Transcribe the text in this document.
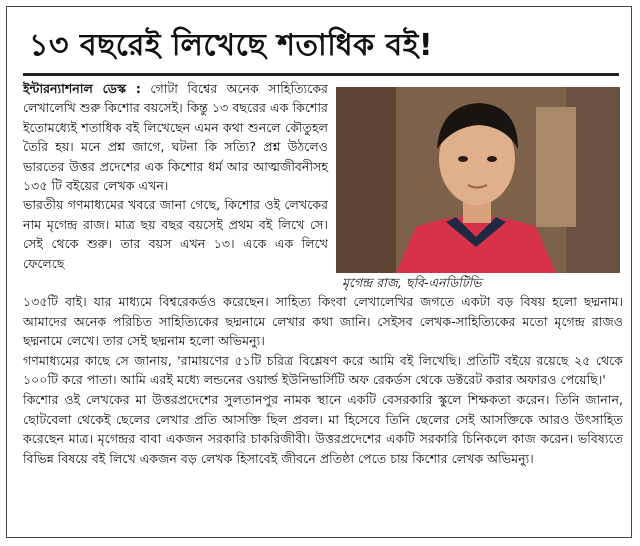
১৩ বছরেই লিখেছে শতাধিক বই!

ইন্টারন্যাশনাল ডেস্ক : গোটা বিশ্বের অনেক সাহিত্যিকের লেখালেখি শুরু কিশোর বয়সেই। কিন্তু ১৩ বছরের এক কিশোর ইতোমধ্যেই শতাধিক বই লিখেছেন এমন কথা শুনলে কৌতুহল তৈরি হয়। মনে প্রশ্ন জাগে, ঘটনা কি সত্যি? প্রশ্ন উঠলেও ভারতের উত্তর প্রদেশের এক কিশোর ধর্ম আর আত্মজীবনীসহ ১৩৫ টি বইয়ের লেখক এখন।

ভারতীয় গণমাধ্যমের খবরে জানা গেছে, কিশোর ওই লেখকের নাম মৃগেন্দ্র রাজ। মাত্র ছয় বছর বয়সেই প্রথম বই লিখে সে। সেই থেকে শুরু। তার বয়স এখন ১৩। একে এক লিখে ফেলেছে

মৃগেন্দ্র রাজ, ছবি-এনডিটিভি

১৩৫টি বাই। যার মাধ্যমে বিশ্বরেকর্ডও করেছেন। সাহিত্য কিংবা লেখালেখির জগতে একটা বড় বিষয় হলো ছদ্মনাম। আমাদের অনেক পরিচিত সাহিত্যিকের ছদ্মনামে লেখার কথা জানি। সেইসব লেখক-সাহিত্যিকের মতো মৃগেন্দ্র রাজও ছদ্মনামে লেখে। তার সেই ছদ্মনাম হলো অভিমন্যু।

গণমাধ্যমের কাছে সে জানায়, 'রামায়ণের ৫১টি চরিত্র বিশ্লেষণ করে আমি বই লিখেছি। প্রতিটি বইয়ে রয়েছে ২৫ থেকে ১০০টি করে পাতা। আমি এরই মধ্যে লন্ডনের ওয়ার্ল্ড ইউনিভার্সিটি অফ রেকর্ডস থেকে ডক্টরেট করার অফারও পেয়েছি।'

কিশোর ওই লেখকের মা উত্তরপ্রদেশের সুলতানপুর নামক স্থানে একটি বেসরকারি স্কুলে শিক্ষকতা করেন। তিনি জানান, ছোটবেলা থেকেই ছেলের লেখার প্রতি আসক্তি ছিল প্রবল। মা হিসেবে তিনি ছেলের সেই আসক্তিকে আরও উৎসাহিত করেছেন মাত্র। মৃগেন্দ্রর বাবা একজন সরকারি চাকরিজীবী। উত্তরপ্রদেশের একটি সরকারি চিনিকলে কাজ করেন। ভবিষ্যতে বিভিন্ন বিষয়ে বই লিখে একজন বড় লেখক হিসাবেই জীবনে প্রতিষ্ঠা পেতে চায় কিশোর লেখক অভিমন্যু।
